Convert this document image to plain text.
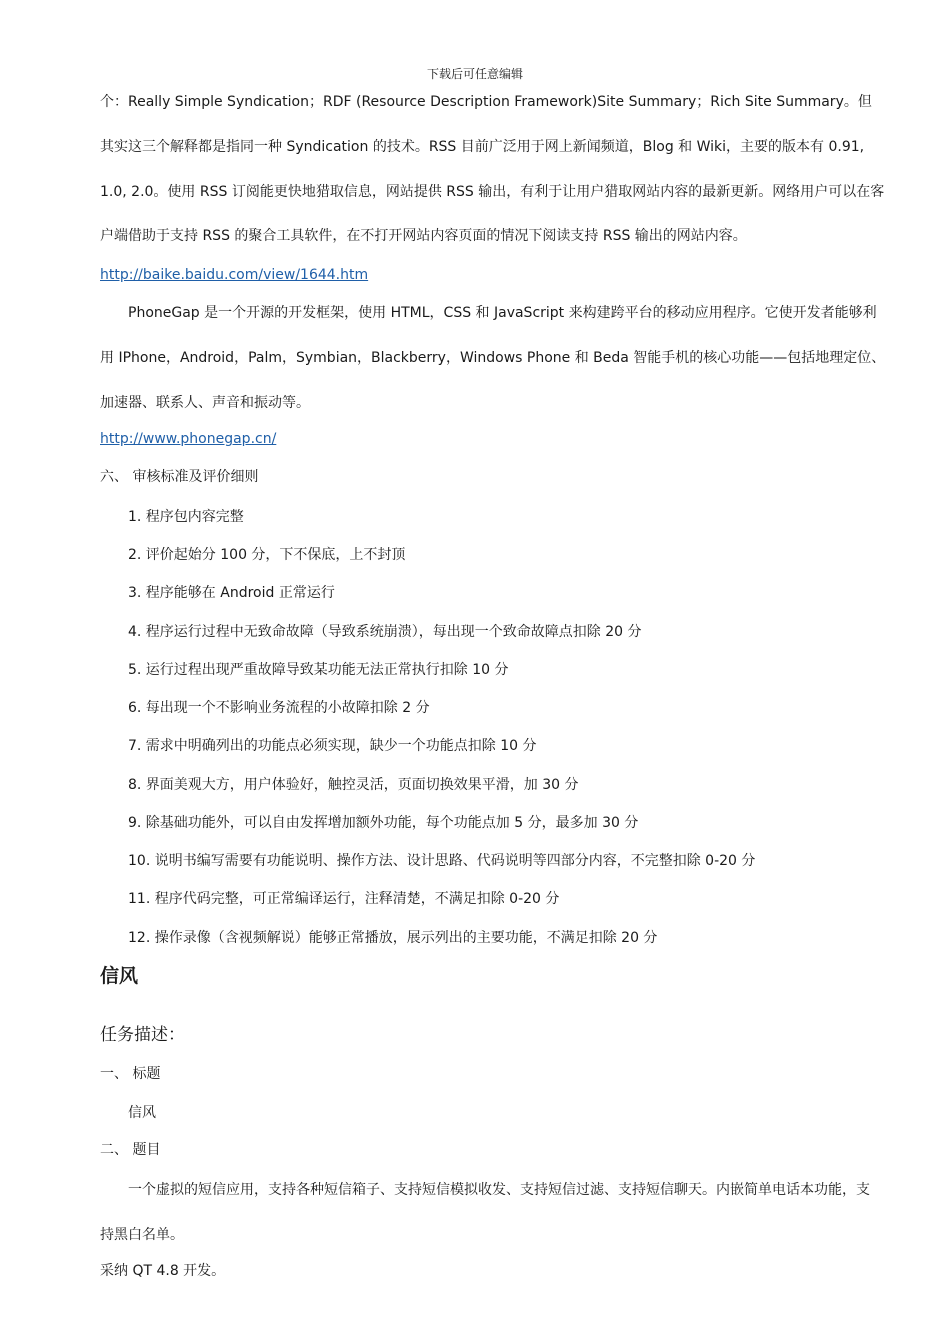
下载后可任意编辑
个：Really Simple Syndication；RDF (Resource Description Framework)Site Summary；Rich Site Summary。但
其实这三个解释都是指同一种 Syndication 的技术。RSS 目前广泛用于网上新闻频道，Blog 和 Wiki，主要的版本有 0.91,
1.0, 2.0。使用 RSS 订阅能更快地猎取信息，网站提供 RSS 输出，有利于让用户猎取网站内容的最新更新。网络用户可以在客
户端借助于支持 RSS 的聚合工具软件，在不打开网站内容页面的情况下阅读支持 RSS 输出的网站内容。
http://baike.baidu.com/view/1644.htm
PhoneGap 是一个开源的开发框架，使用 HTML，CSS 和 JavaScript 来构建跨平台的移动应用程序。它使开发者能够利
用 IPhone，Android，Palm，Symbian，Blackberry，Windows Phone 和 Beda 智能手机的核心功能——包括地理定位、
加速器、联系人、声音和振动等。
http://www.phonegap.cn/
六、 审核标准及评价细则
1. 程序包内容完整
2. 评价起始分 100 分，下不保底，上不封顶
3. 程序能够在 Android 正常运行
4. 程序运行过程中无致命故障（导致系统崩溃），每出现一个致命故障点扣除 20 分
5. 运行过程出现严重故障导致某功能无法正常执行扣除 10 分
6. 每出现一个不影响业务流程的小故障扣除 2 分
7. 需求中明确列出的功能点必须实现，缺少一个功能点扣除 10 分
8. 界面美观大方，用户体验好，触控灵活，页面切换效果平滑，加 30 分
9. 除基础功能外，可以自由发挥增加额外功能，每个功能点加 5 分，最多加 30 分
10. 说明书编写需要有功能说明、操作方法、设计思路、代码说明等四部分内容，不完整扣除 0-20 分
11. 程序代码完整，可正常编译运行，注释清楚，不满足扣除 0-20 分
12. 操作录像（含视频解说）能够正常播放，展示列出的主要功能，不满足扣除 20 分
信风
任务描述：
一、 标题
信风
二、 题目
一个虚拟的短信应用，支持各种短信箱子、支持短信模拟收发、支持短信过滤、支持短信聊天。内嵌简单电话本功能，支
持黑白名单。
采纳 QT 4.8 开发。
